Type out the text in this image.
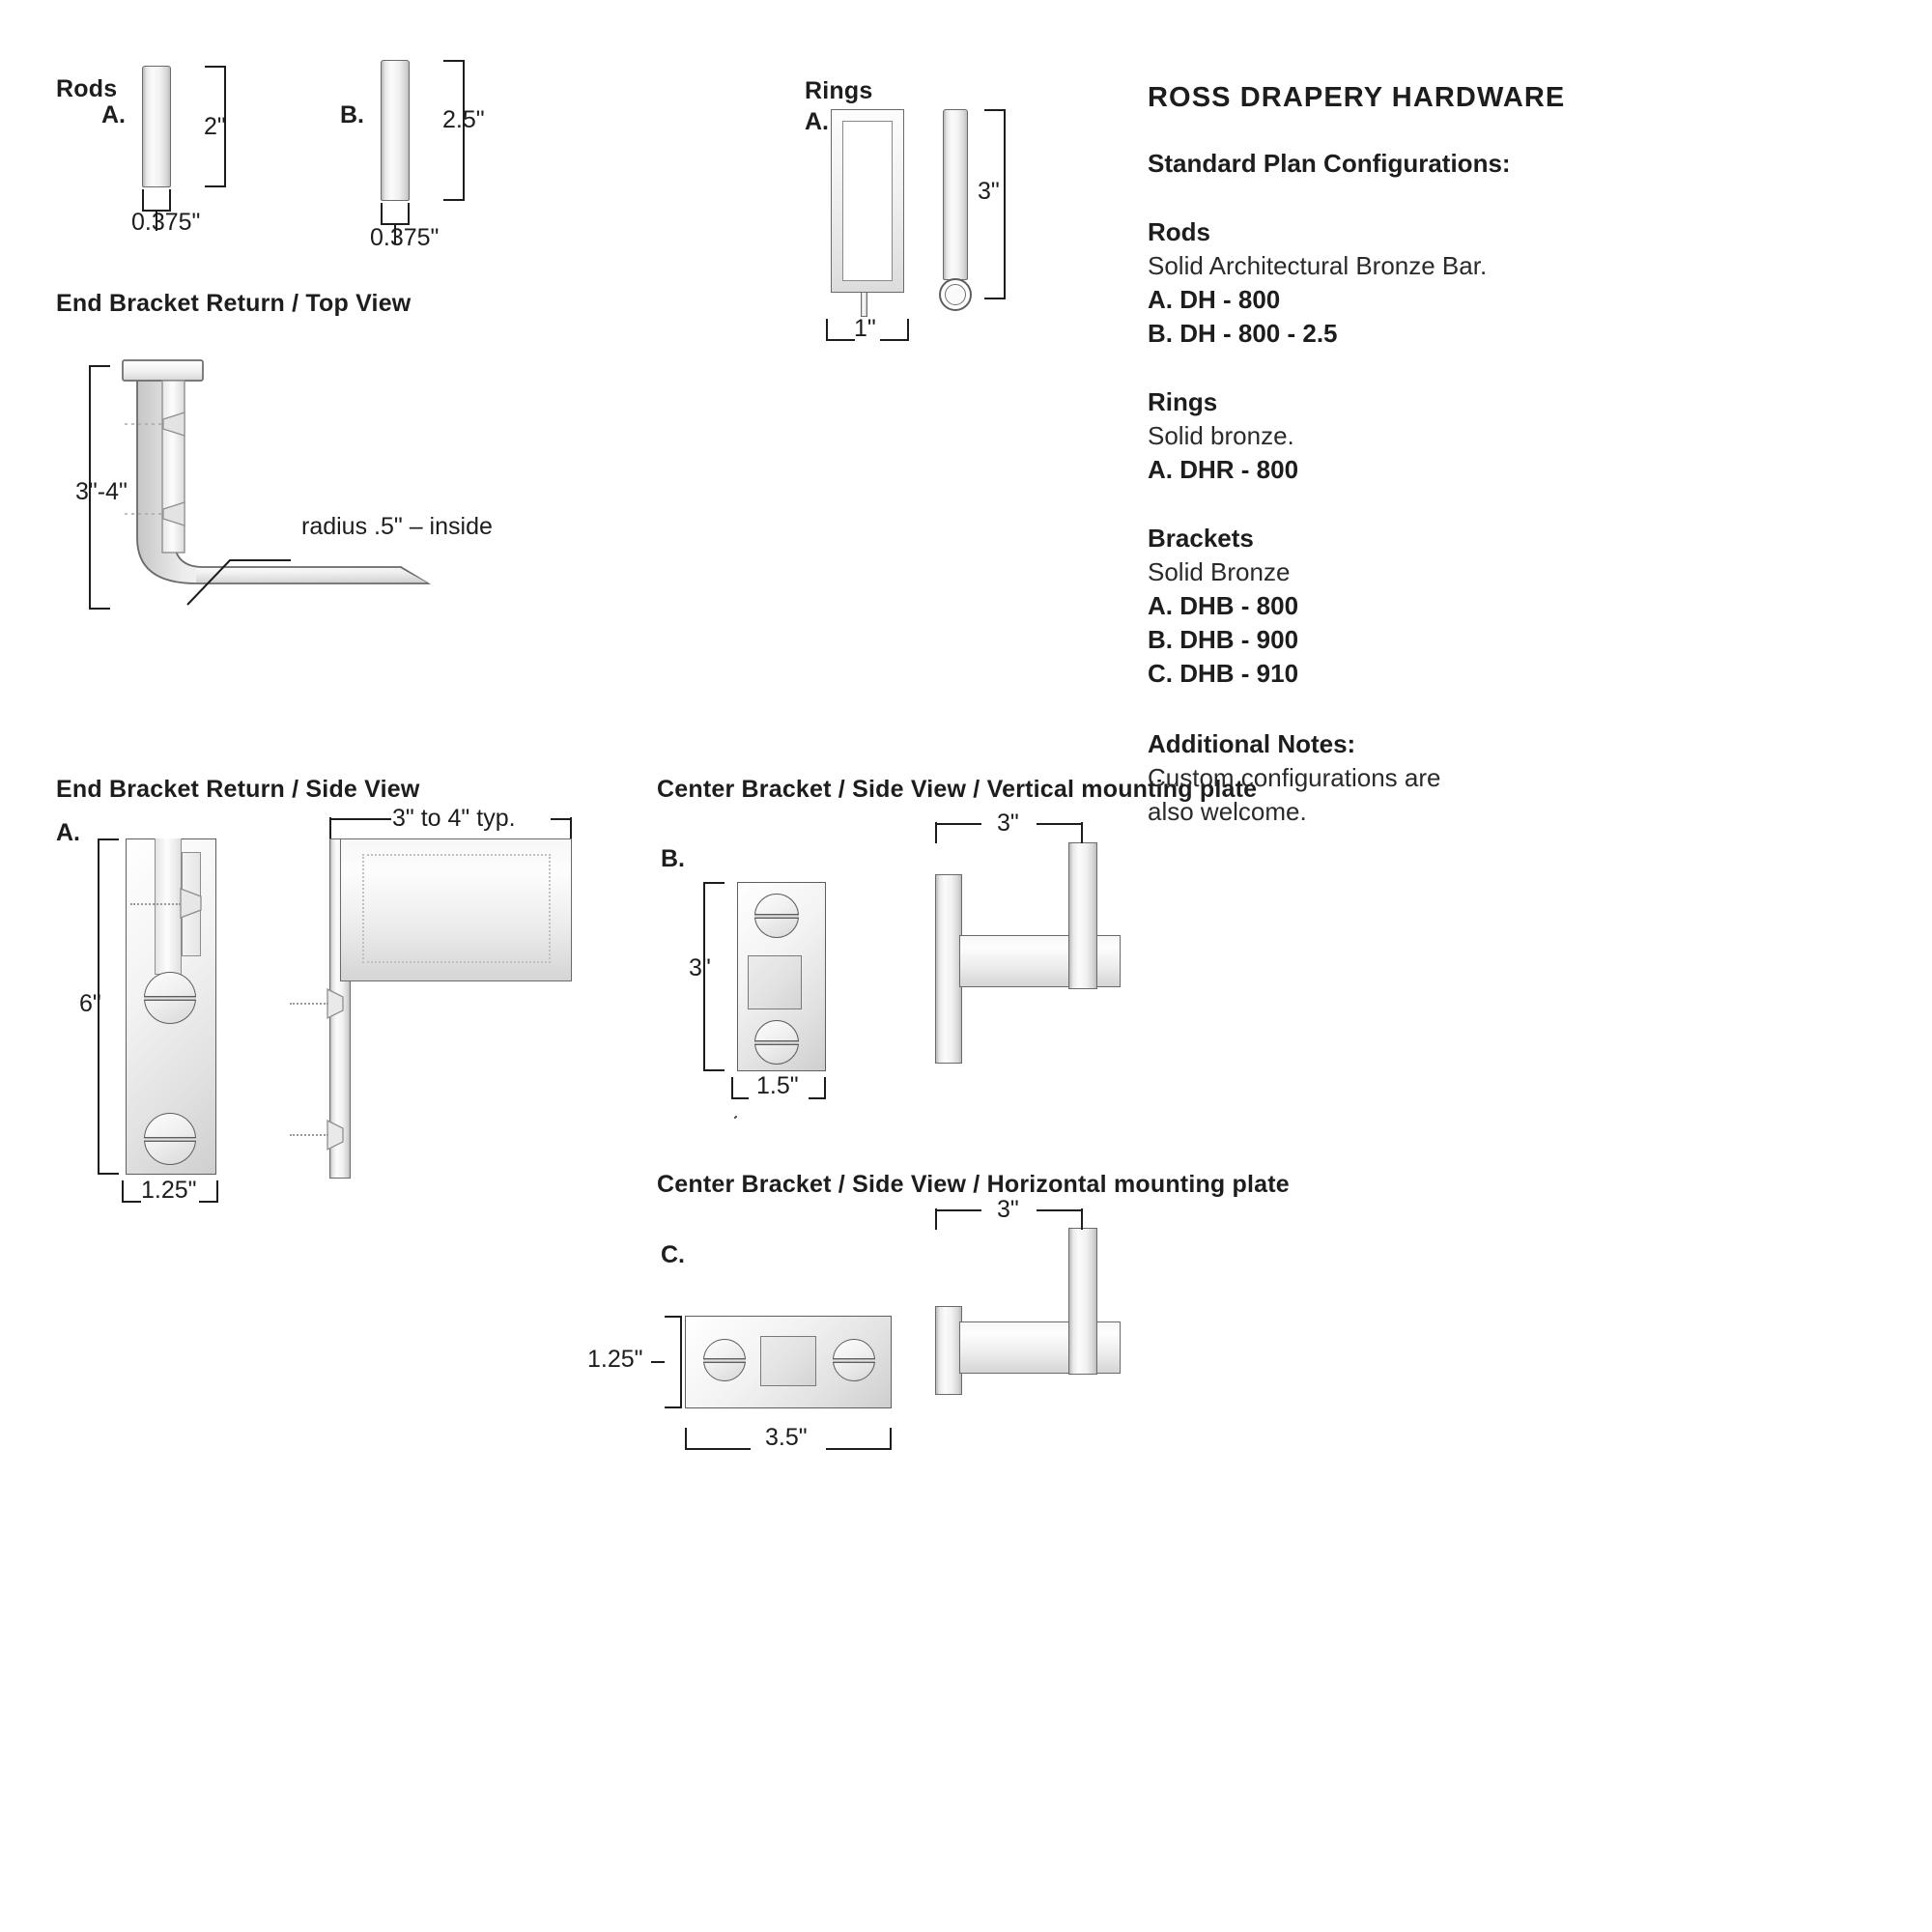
Rods
A.
0.375"
2"	B.
0.375"
2.5"
Rings
A.
3"
1"
End Bracket Return / Top View
3"-4"
radius .5" – inside
End Bracket Return / Side View
A.
6"
1.25"
3" to 4" typ.
Center Bracket / Side View / Vertical mounting plate
B.
3"
1.5"
3"
Center Bracket / Side View / Horizontal mounting plate
C.
1.25"
3.5"
3"
ROSS DRAPERY HARDWARE
Standard Plan Configurations:
Rods
Solid Architectural Bronze Bar.
A. DH - 800
B. DH - 800 - 2.5
Rings
Solid bronze.
A. DHR - 800
Brackets
Solid Bronze
A. DHB - 800
B. DHB - 900
C. DHB - 910
Additional Notes:
Custom configurations are
also welcome.
